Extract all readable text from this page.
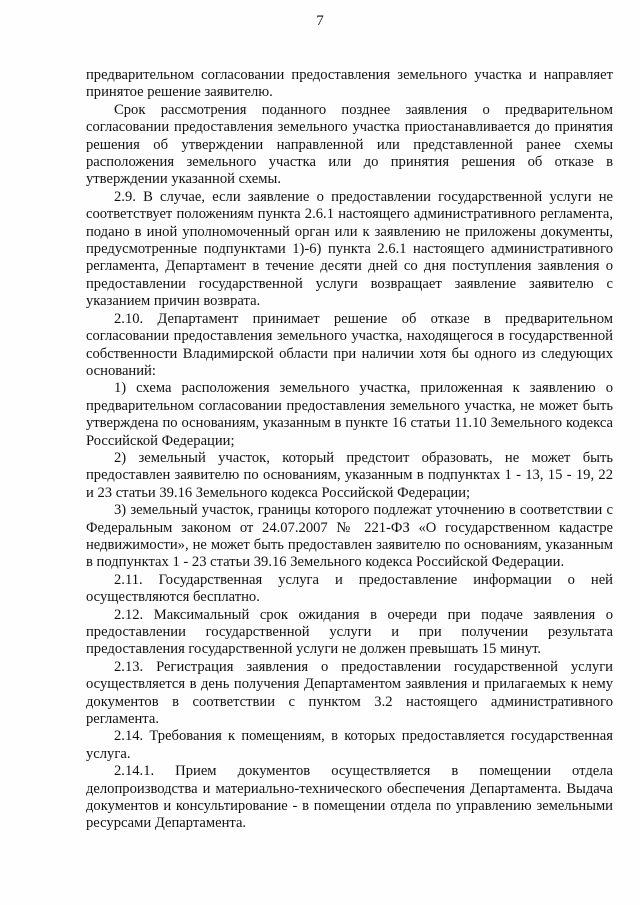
7

предварительном согласовании предоставления земельного участка и направляет принятое решение заявителю.

Срок рассмотрения поданного позднее заявления о предварительном согласовании предоставления земельного участка приостанавливается до принятия решения об утверждении направленной или представленной ранее схемы расположения земельного участка или до принятия решения об отказе в утверждении указанной схемы.

2.9. В случае, если заявление о предоставлении государственной услуги не соответствует положениям пункта 2.6.1 настоящего административного регламента, подано в иной уполномоченный орган или к заявлению не приложены документы, предусмотренные подпунктами 1)-6) пункта 2.6.1 настоящего административного регламента, Департамент в течение десяти дней со дня поступления заявления о предоставлении государственной услуги возвращает заявление заявителю с указанием причин возврата.

2.10. Департамент принимает решение об отказе в предварительном согласовании предоставления земельного участка, находящегося в государственной собственности Владимирской области при наличии хотя бы одного из следующих оснований:

1) схема расположения земельного участка, приложенная к заявлению о предварительном согласовании предоставления земельного участка, не может быть утверждена по основаниям, указанным в пункте 16 статьи 11.10 Земельного кодекса Российской Федерации;

2) земельный участок, который предстоит образовать, не может быть предоставлен заявителю по основаниям, указанным в подпунктах 1 - 13, 15 - 19, 22 и 23 статьи 39.16 Земельного кодекса Российской Федерации;

3) земельный участок, границы которого подлежат уточнению в соответствии с Федеральным законом от 24.07.2007 № 221-ФЗ «О государственном кадастре недвижимости», не может быть предоставлен заявителю по основаниям, указанным в подпунктах 1 - 23 статьи 39.16 Земельного кодекса Российской Федерации.

2.11. Государственная услуга и предоставление информации о ней осуществляются бесплатно.

2.12. Максимальный срок ожидания в очереди при подаче заявления о предоставлении государственной услуги и при получении результата предоставления государственной услуги не должен превышать 15 минут.

2.13. Регистрация заявления о предоставлении государственной услуги осуществляется в день получения Департаментом заявления и прилагаемых к нему документов в соответствии с пунктом 3.2 настоящего административного регламента.

2.14. Требования к помещениям, в которых предоставляется государственная услуга.

2.14.1. Прием документов осуществляется в помещении отдела делопроизводства и материально-технического обеспечения Департамента. Выдача документов и консультирование - в помещении отдела по управлению земельными ресурсами Департамента.
